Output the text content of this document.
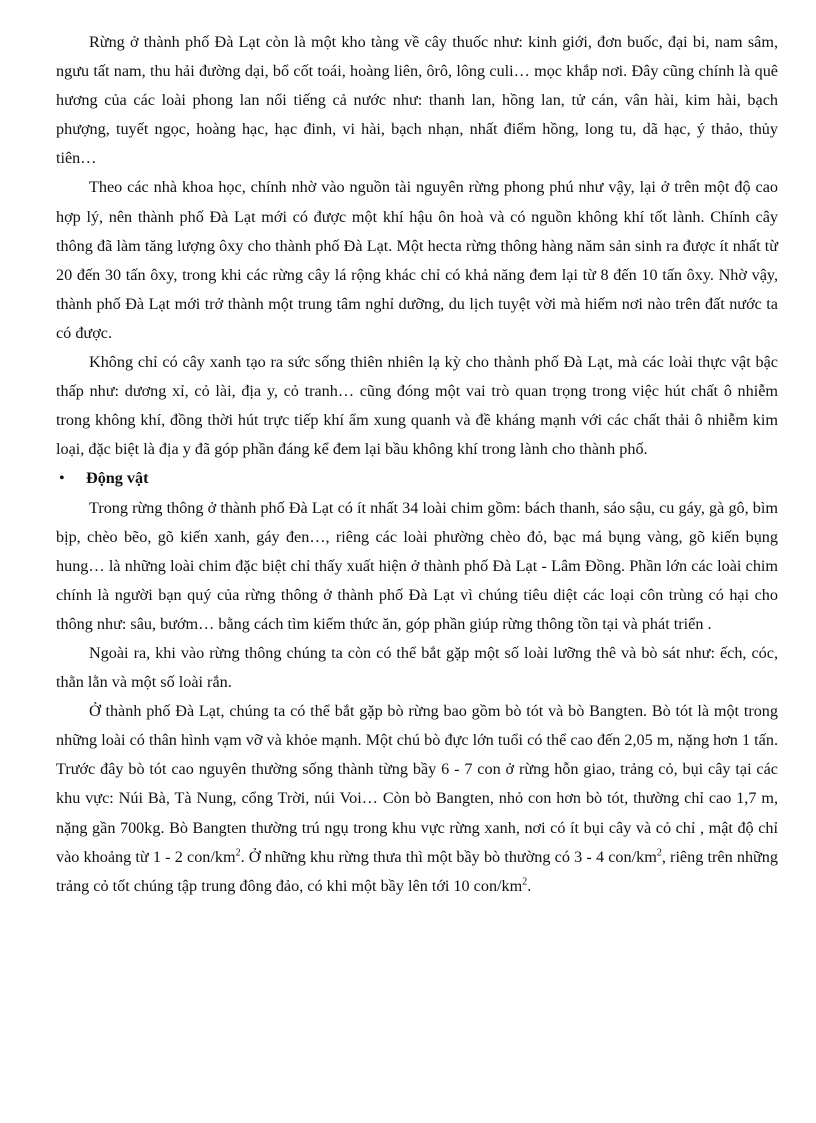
Rừng ở thành phố Đà Lạt còn là một kho tàng về cây thuốc như: kinh giới, đơn buốc, đại bi, nam sâm, ngưu tất nam, thu hải đường dại, bổ cốt toái, hoàng liên, ôrô, lông culi… mọc khắp nơi. Đây cũng chính là quê hương của các loài phong lan nổi tiếng cả nước như: thanh lan, hồng lan, tử cán, vân hài, kim hài, bạch phượng, tuyết ngọc, hoàng hạc, hạc đinh, vi hài, bạch nhạn, nhất điểm hồng, long tu, dã hạc, ý thảo, thủy tiên…

Theo các nhà khoa học, chính nhờ vào nguồn tài nguyên rừng phong phú như vậy, lại ở trên một độ cao hợp lý, nên thành phố Đà Lạt mới có được một khí hậu ôn hoà và có nguồn không khí tốt lành. Chính cây thông đã làm tăng lượng ôxy cho thành phố Đà Lạt. Một hecta rừng thông hàng năm sản sinh ra được ít nhất từ 20 đến 30 tấn ôxy, trong khi các rừng cây lá rộng khác chỉ có khả năng đem lại từ 8 đến 10 tấn ôxy. Nhờ vậy, thành phố Đà Lạt mới trở thành một trung tâm nghỉ dưỡng, du lịch tuyệt vời mà hiếm nơi nào trên đất nước ta có được.

Không chỉ có cây xanh tạo ra sức sống thiên nhiên lạ kỳ cho thành phố Đà Lạt, mà các loài thực vật bậc thấp như: dương xỉ, cỏ lài, địa y, cỏ tranh… cũng đóng một vai trò quan trọng trong việc hút chất ô nhiễm trong không khí, đồng thời hút trực tiếp khí ẩm xung quanh và đề kháng mạnh với các chất thải ô nhiễm kim loại, đặc biệt là địa y đã góp phần đáng kể đem lại bầu không khí trong lành cho thành phố.

• Động vật

Trong rừng thông ở thành phố Đà Lạt có ít nhất 34 loài chim gồm: bách thanh, sáo sậu, cu gáy, gà gô, bìm bịp, chèo bẽo, gõ kiến xanh, gáy đen…, riêng các loài phường chèo đỏ, bạc má bụng vàng, gõ kiến bụng hung… là những loài chim đặc biệt chỉ thấy xuất hiện ở thành phố Đà Lạt - Lâm Đồng. Phần lớn các loài chim chính là người bạn quý của rừng thông ở thành phố Đà Lạt vì chúng tiêu diệt các loại côn trùng có hại cho thông như: sâu, bướm… bằng cách tìm kiếm thức ăn, góp phần giúp rừng thông tồn tại và phát triển .

Ngoài ra, khi vào rừng thông chúng ta còn có thể bắt gặp một số loài lưỡng thê và bò sát như: ếch, cóc, thằn lằn và một số loài rắn.

Ở thành phố Đà Lạt, chúng ta có thể bắt gặp bò rừng bao gồm bò tót và bò Bangten. Bò tót là một trong những loài có thân hình vạm vỡ và khỏe mạnh. Một chú bò đực lớn tuổi có thể cao đến 2,05 m, nặng hơn 1 tấn. Trước đây bò tót cao nguyên thường sống thành từng bầy 6 - 7 con ở rừng hỗn giao, trảng cỏ, bụi cây tại các khu vực: Núi Bà, Tà Nung, cổng Trời, núi Voi… Còn bò Bangten, nhỏ con hơn bò tót, thường chỉ cao 1,7 m, nặng gần 700kg. Bò Bangten thường trú ngụ trong khu vực rừng xanh, nơi có ít bụi cây và cỏ chỉ , mật độ chỉ vào khoảng từ 1 - 2 con/$km^2$. Ở những khu rừng thưa thì một bầy bò thường có 3 - 4 con/$km^2$, riêng trên những trảng cỏ tốt chúng tập trung đông đảo, có khi một bầy lên tới 10 con/$km^2$.
